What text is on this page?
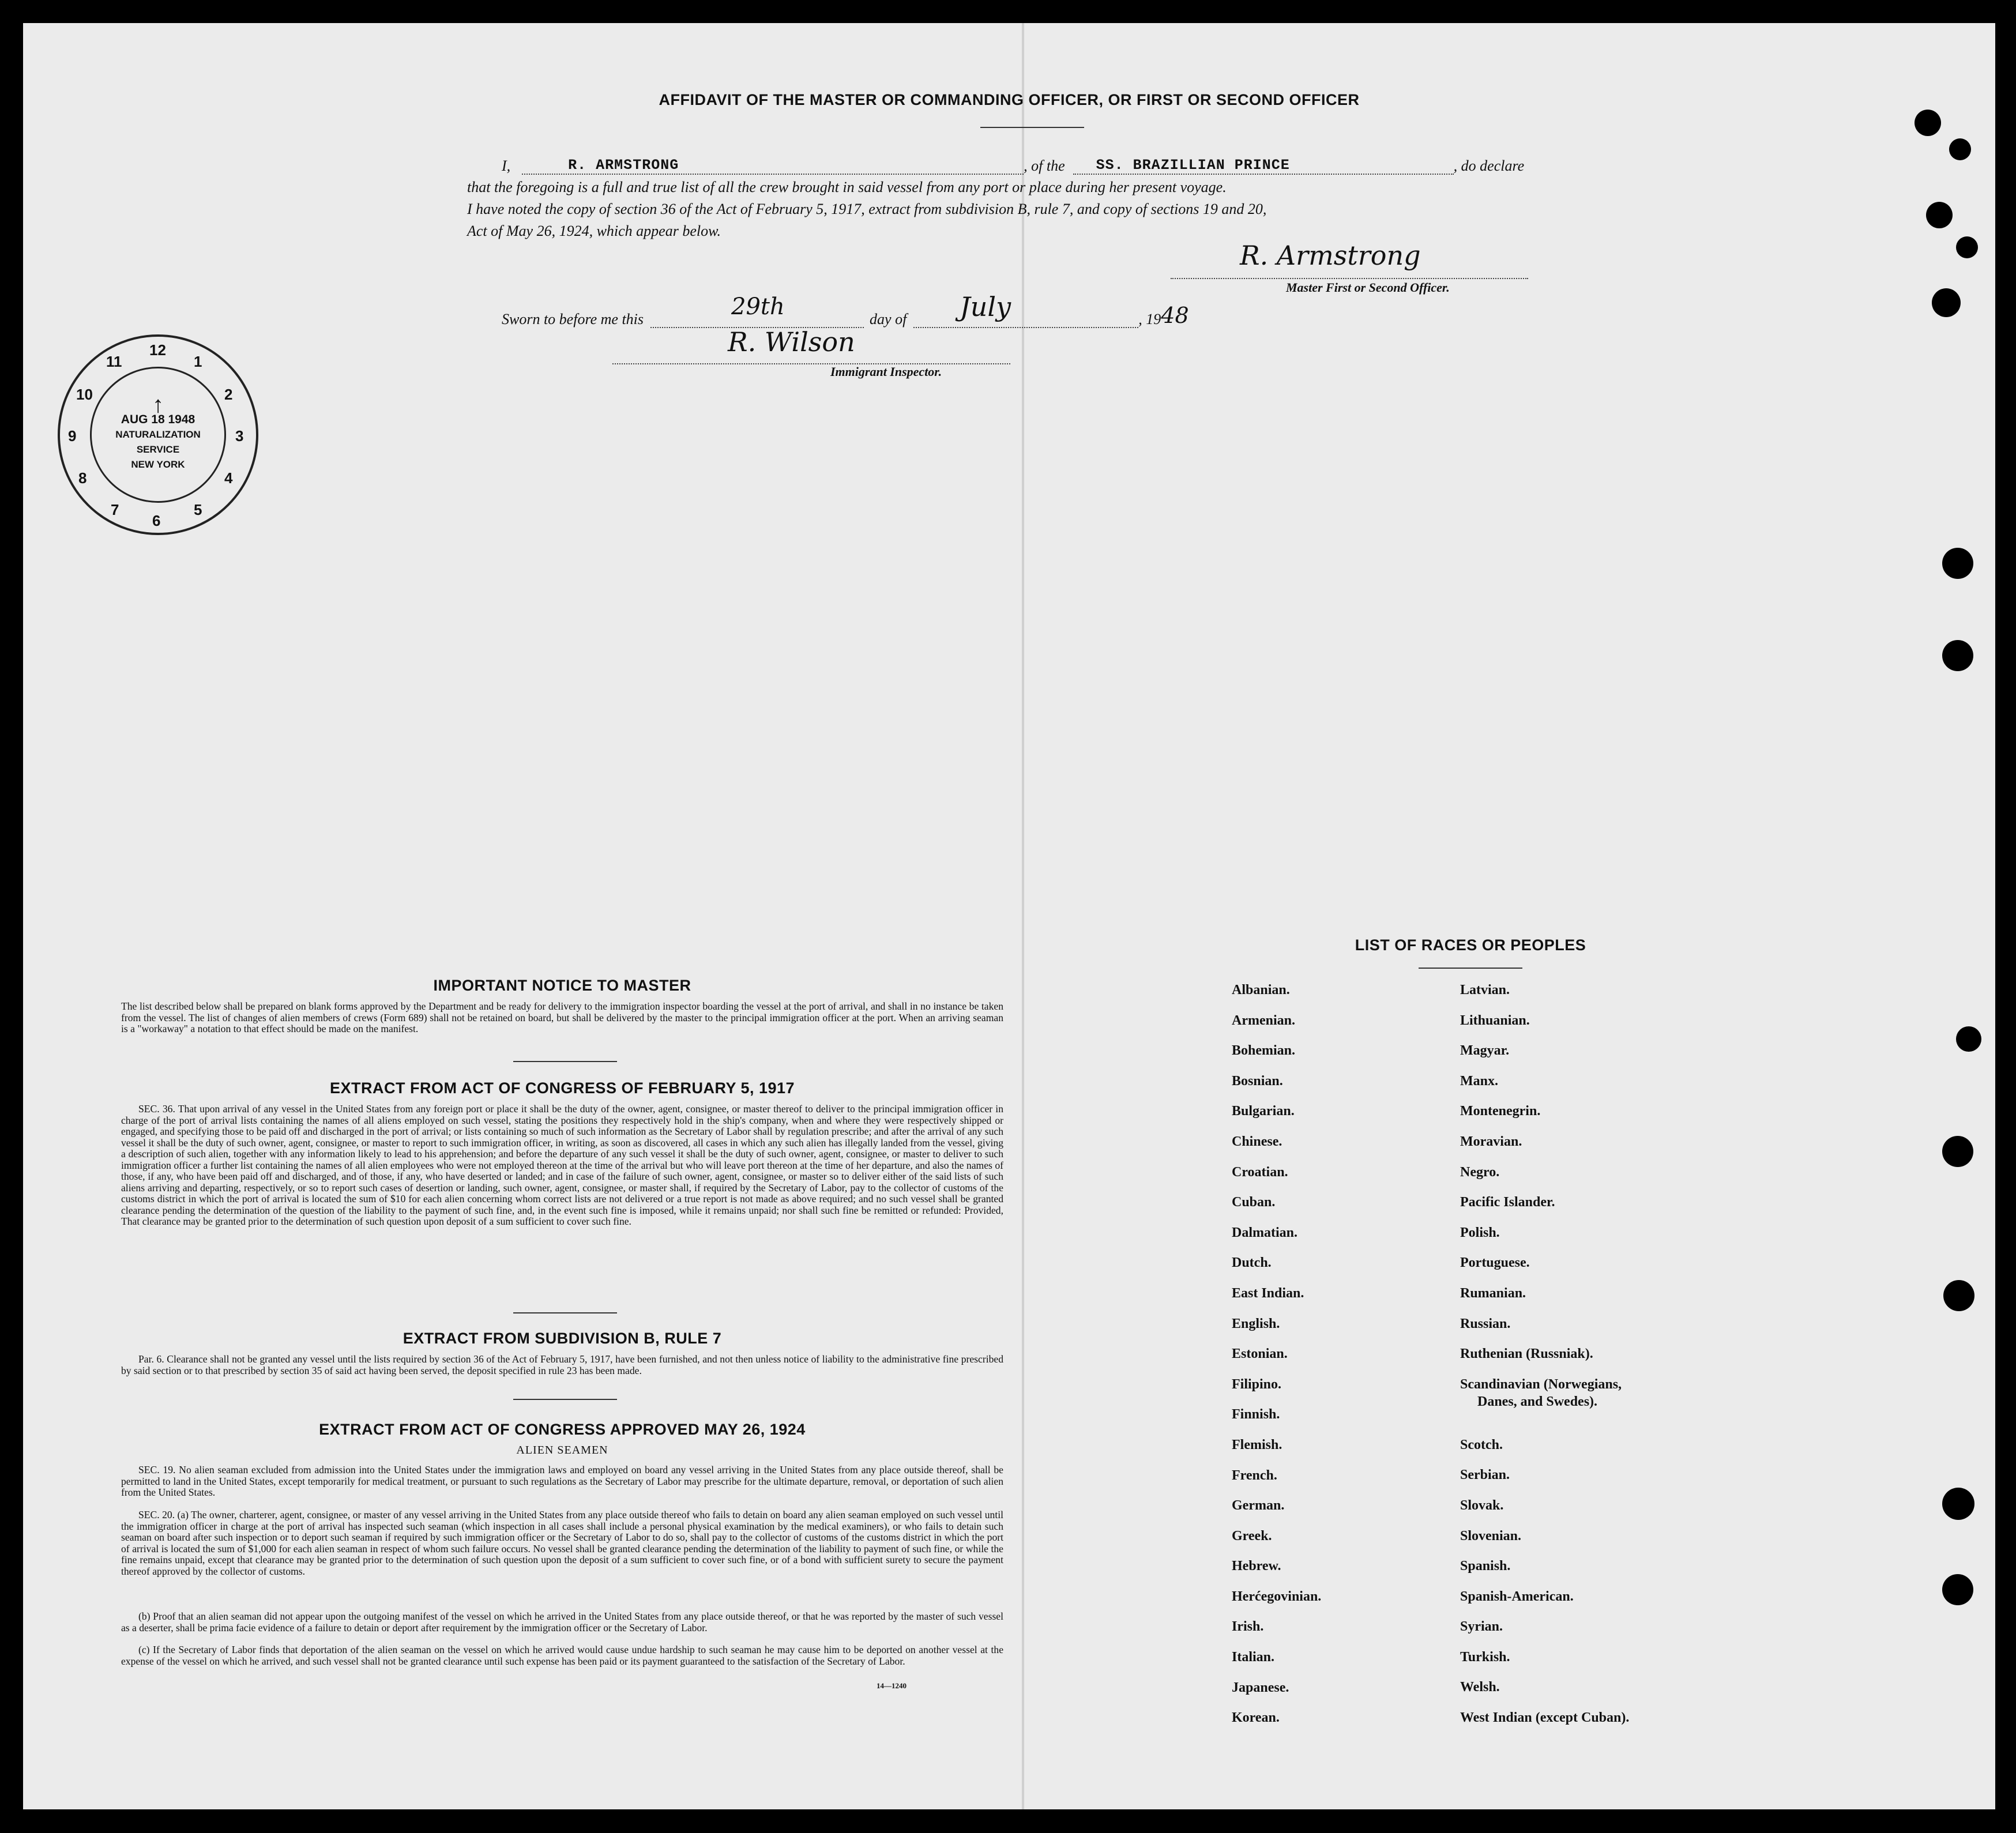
AFFIDAVIT OF THE MASTER OR COMMANDING OFFICER, OR FIRST OR SECOND OFFICER
I,	R. ARMSTRONG	, of the	SS. BRAZILLIAN PRINCE	, do declare
that the foregoing is a full and true list of all the crew brought in said vessel from any port or place during her present voyage.
I have noted the copy of section 36 of the Act of February 5, 1917, extract from subdivision B, rule 7, and copy of sections 19 and 20,
Act of May 26, 1924, which appear below.
R. Armstrong
Master First or Second Officer.
Sworn to before me this	29th	day of July	, 19 48
R. Wilson
Immigrant Inspector.
↑
AUG 18 1948
NATURALIZATION
SERVICE
NEW YORK
12
1
2
3
4
5
6
7
8
9
10
11
IMPORTANT NOTICE TO MASTER
The list described below shall be prepared on blank forms approved by the Department and be ready for delivery to the immigration inspector boarding the vessel at the port of arrival, and shall in no instance be taken from the vessel. The list of changes of alien members of crews (Form 689) shall not be retained on board, but shall be delivered by the master to the principal immigration officer at the port. When an arriving seaman is a "workaway" a notation to that effect should be made on the manifest.
EXTRACT FROM ACT OF CONGRESS OF FEBRUARY 5, 1917
SEC. 36. That upon arrival of any vessel in the United States from any foreign port or place it shall be the duty of the owner, agent, consignee, or master thereof to deliver to the principal immigration officer in charge of the port of arrival lists containing the names of all aliens employed on such vessel, stating the positions they respectively hold in the ship's company, when and where they were respectively shipped or engaged, and specifying those to be paid off and discharged in the port of arrival; or lists containing so much of such information as the Secretary of Labor shall by regulation prescribe; and after the arrival of any such vessel it shall be the duty of such owner, agent, consignee, or master to report to such immigration officer, in writing, as soon as discovered, all cases in which any such alien has illegally landed from the vessel, giving a description of such alien, together with any information likely to lead to his apprehension; and before the departure of any such vessel it shall be the duty of such owner, agent, consignee, or master to deliver to such immigration officer a further list containing the names of all alien employees who were not employed thereon at the time of the arrival but who will leave port thereon at the time of her departure, and also the names of those, if any, who have been paid off and discharged, and of those, if any, who have deserted or landed; and in case of the failure of such owner, agent, consignee, or master so to deliver either of the said lists of such aliens arriving and departing, respectively, or so to report such cases of desertion or landing, such owner, agent, consignee, or master shall, if required by the Secretary of Labor, pay to the collector of customs of the customs district in which the port of arrival is located the sum of $10 for each alien concerning whom correct lists are not delivered or a true report is not made as above required; and no such vessel shall be granted clearance pending the determination of the question of the liability to the payment of such fine, and, in the event such fine is imposed, while it remains unpaid; nor shall such fine be remitted or refunded: Provided, That clearance may be granted prior to the determination of such question upon deposit of a sum sufficient to cover such fine.
EXTRACT FROM SUBDIVISION B, RULE 7
Par. 6. Clearance shall not be granted any vessel until the lists required by section 36 of the Act of February 5, 1917, have been furnished, and not then unless notice of liability to the administrative fine prescribed by said section or to that prescribed by section 35 of said act having been served, the deposit specified in rule 23 has been made.
EXTRACT FROM ACT OF CONGRESS APPROVED MAY 26, 1924
ALIEN SEAMEN
SEC. 19. No alien seaman excluded from admission into the United States under the immigration laws and employed on board any vessel arriving in the United States from any place outside thereof, shall be permitted to land in the United States, except temporarily for medical treatment, or pursuant to such regulations as the Secretary of Labor may prescribe for the ultimate departure, removal, or deportation of such alien from the United States.
SEC. 20. (a) The owner, charterer, agent, consignee, or master of any vessel arriving in the United States from any place outside thereof who fails to detain on board any alien seaman employed on such vessel until the immigration officer in charge at the port of arrival has inspected such seaman (which inspection in all cases shall include a personal physical examination by the medical examiners), or who fails to detain such seaman on board after such inspection or to deport such seaman if required by such immigration officer or the Secretary of Labor to do so, shall pay to the collector of customs of the customs district in which the port of arrival is located the sum of $1,000 for each alien seaman in respect of whom such failure occurs. No vessel shall be granted clearance pending the determination of the liability to payment of such fine, or while the fine remains unpaid, except that clearance may be granted prior to the determination of such question upon the deposit of a sum sufficient to cover such fine, or of a bond with sufficient surety to secure the payment thereof approved by the collector of customs.
(b) Proof that an alien seaman did not appear upon the outgoing manifest of the vessel on which he arrived in the United States from any place outside thereof, or that he was reported by the master of such vessel as a deserter, shall be prima facie evidence of a failure to detain or deport after requirement by the immigration officer or the Secretary of Labor.
(c) If the Secretary of Labor finds that deportation of the alien seaman on the vessel on which he arrived would cause undue hardship to such seaman he may cause him to be deported on another vessel at the expense of the vessel on which he arrived, and such vessel shall not be granted clearance until such expense has been paid or its payment guaranteed to the satisfaction of the Secretary of Labor.
14—1240
LIST OF RACES OR PEOPLES
Albanian.
Armenian.
Bohemian.
Bosnian.
Bulgarian.
Chinese.
Croatian.
Cuban.
Dalmatian.
Dutch.
East Indian.
English.
Estonian.
Filipino.
Finnish.
Flemish.
French.
German.
Greek.
Hebrew.
Herćegovinian.
Irish.
Italian.
Japanese.
Korean.
Latvian.
Lithuanian.
Magyar.
Manx.
Montenegrin.
Moravian.
Negro.
Pacific Islander.
Polish.
Portuguese.
Rumanian.
Russian.
Ruthenian (Russniak).
Scandinavian (Norwegians,
Danes, and Swedes).
Scotch.
Serbian.
Slovak.
Slovenian.
Spanish.
Spanish-American.
Syrian.
Turkish.
Welsh.
West Indian (except Cuban).
